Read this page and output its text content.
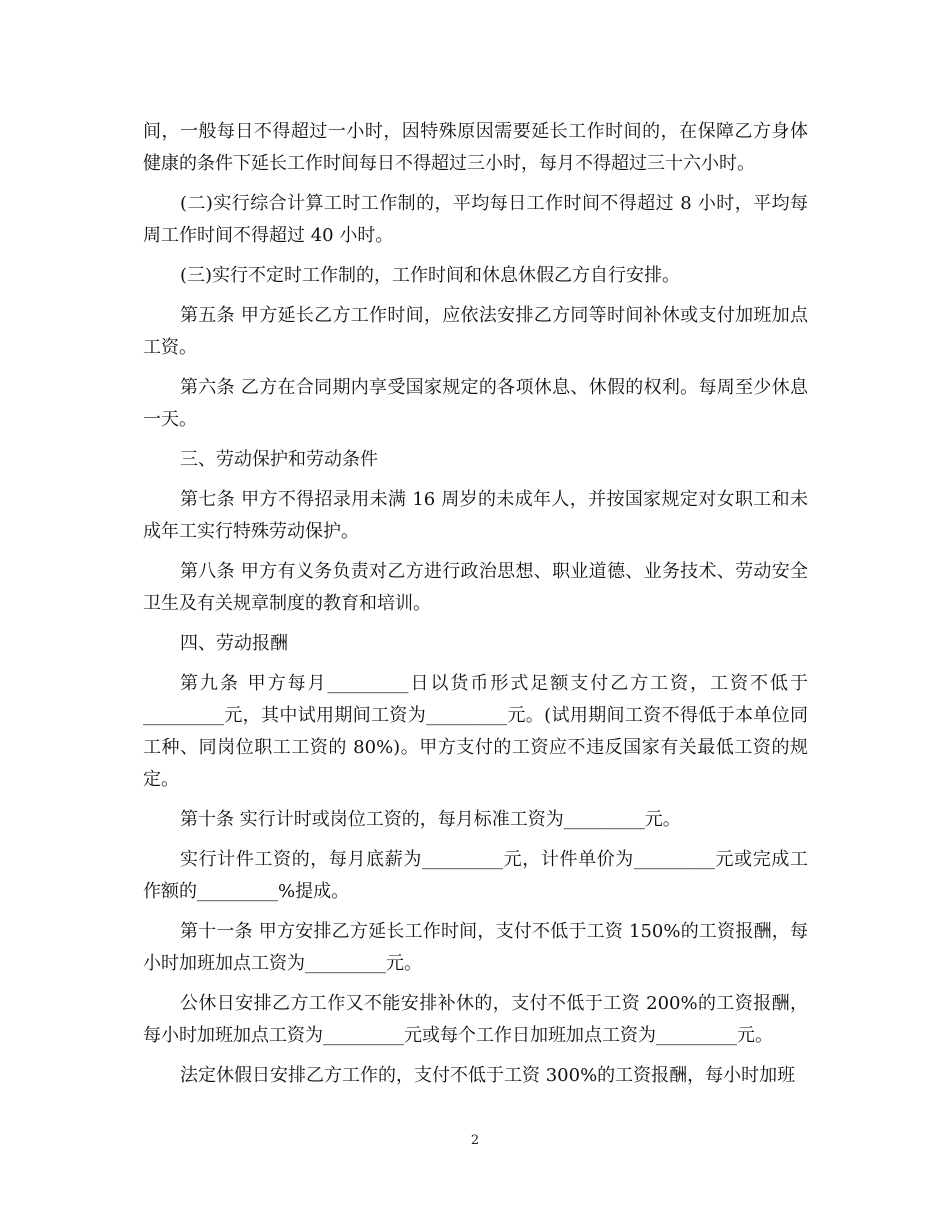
间，一般每日不得超过一小时，因特殊原因需要延长工作时间的，在保障乙方身体健康的条件下延长工作时间每日不得超过三小时，每月不得超过三十六小时。

(二)实行综合计算工时工作制的，平均每日工作时间不得超过 8 小时，平均每周工作时间不得超过 40 小时。

(三)实行不定时工作制的，工作时间和休息休假乙方自行安排。

第五条 甲方延长乙方工作时间，应依法安排乙方同等时间补休或支付加班加点工资。

第六条 乙方在合同期内享受国家规定的各项休息、休假的权利。每周至少休息一天。

三、劳动保护和劳动条件

第七条 甲方不得招录用未满 16 周岁的未成年人，并按国家规定对女职工和未成年工实行特殊劳动保护。

第八条 甲方有义务负责对乙方进行政治思想、职业道德、业务技术、劳动安全卫生及有关规章制度的教育和培训。

四、劳动报酬

第九条 甲方每月_________日以货币形式足额支付乙方工资，工资不低于_________元，其中试用期间工资为_________元。(试用期间工资不得低于本单位同工种、同岗位职工工资的 80%)。甲方支付的工资应不违反国家有关最低工资的规定。

第十条 实行计时或岗位工资的，每月标准工资为_________元。

实行计件工资的，每月底薪为_________元，计件单价为_________元或完成工作额的_________%提成。

第十一条 甲方安排乙方延长工作时间，支付不低于工资 150%的工资报酬，每小时加班加点工资为_________元。

公休日安排乙方工作又不能安排补休的，支付不低于工资 200%的工资报酬，每小时加班加点工资为_________元或每个工作日加班加点工资为_________元。

法定休假日安排乙方工作的，支付不低于工资 300%的工资报酬，每小时加班

2
